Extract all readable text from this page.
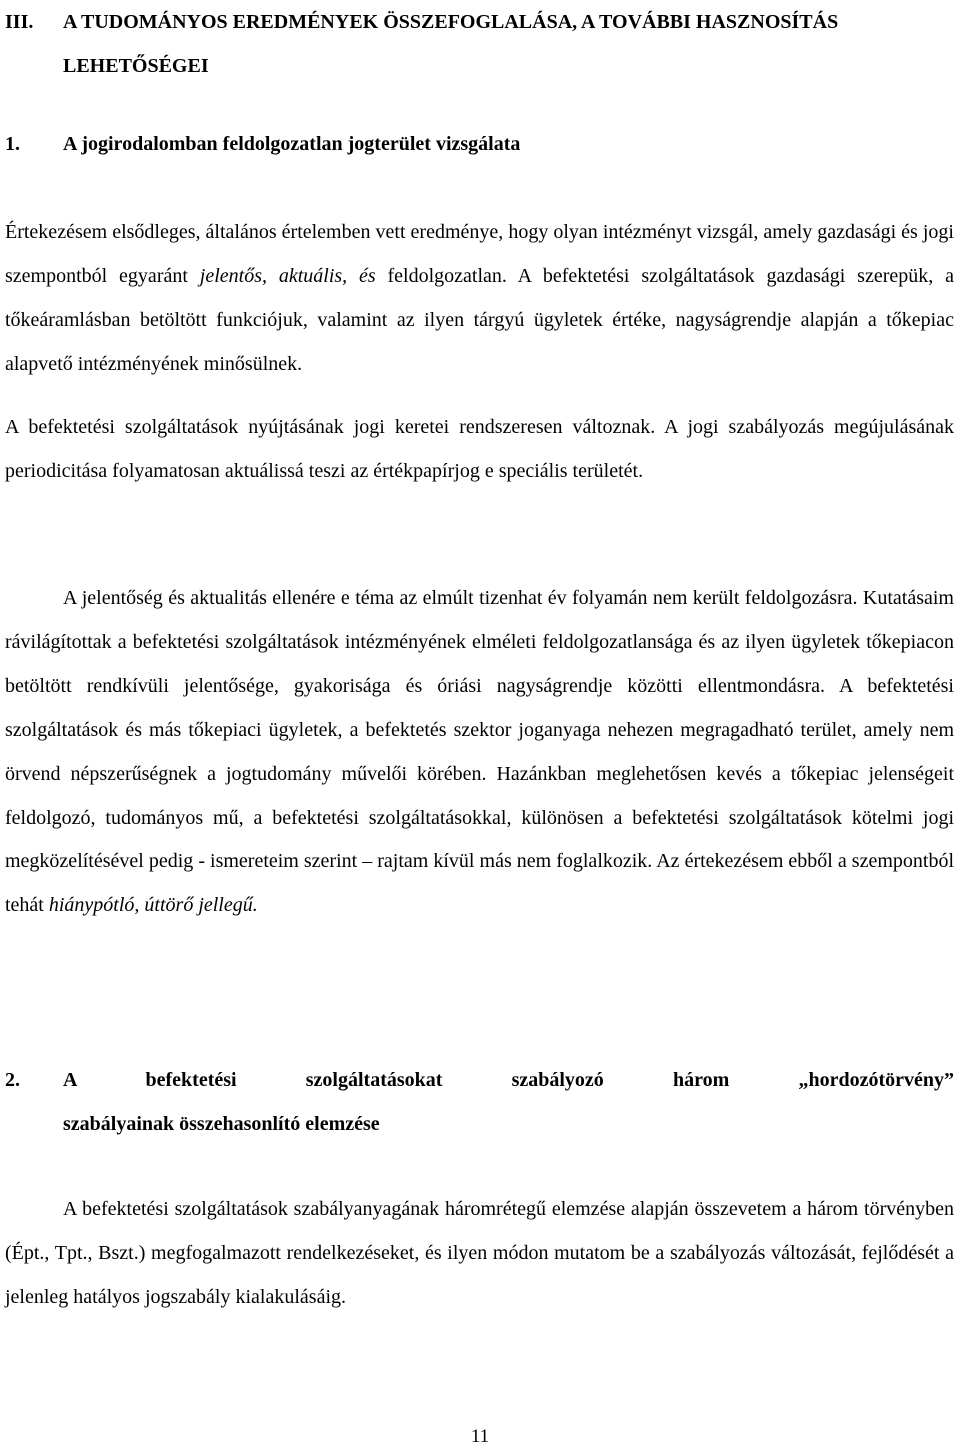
III. A TUDOMÁNYOS EREDMÉNYEK ÖSSZEFOGLALÁSA, A TOVÁBBI HASZNOSÍTÁS LEHETŐSÉGEI
1. A jogirodalomban feldolgozatlan jogterület vizsgálata

Értekezésem elsődleges, általános értelemben vett eredménye, hogy olyan intézményt vizsgál, amely gazdasági és jogi szempontból egyaránt jelentős, aktuális, és feldolgozatlan. A befektetési szolgáltatások gazdasági szerepük, a tőkeáramlásban betöltött funkciójuk, valamint az ilyen tárgyú ügyletek értéke, nagyságrendje alapján a tőkepiac alapvető intézményének minősülnek.

A befektetési szolgáltatások nyújtásának jogi keretei rendszeresen változnak. A jogi szabályozás megújulásának periodicitása folyamatosan aktuálissá teszi az értékpapírjog e speciális területét.

A jelentőség és aktualitás ellenére e téma az elmúlt tizenhat év folyamán nem került feldolgozásra. Kutatásaim rávilágítottak a befektetési szolgáltatások intézményének elméleti feldolgozatlansága és az ilyen ügyletek tőkepiacon betöltött rendkívüli jelentősége, gyakorisága és óriási nagyságrendje közötti ellentmondásra. A befektetési szolgáltatások és más tőkepiaci ügyletek, a befektetés szektor joganyaga nehezen megragadható terület, amely nem örvend népszerűségnek a jogtudomány művelői körében. Hazánkban meglehetősen kevés a tőkepiac jelenségeit feldolgozó, tudományos mű, a befektetési szolgáltatásokkal, különösen a befektetési szolgáltatások kötelmi jogi megközelítésével pedig - ismereteim szerint – rajtam kívül más nem foglalkozik. Az értekezésem ebből a szempontból tehát hiánypótló, úttörő jellegű.

2. A befektetési szolgáltatásokat szabályozó három „hordozótörvény”
szabályainak összehasonlító elemzése

A befektetési szolgáltatások szabályanyagának háromrétegű elemzése alapján összevetem a három törvényben (Épt., Tpt., Bszt.) megfogalmazott rendelkezéseket, és ilyen módon mutatom be a szabályozás változását, fejlődését a jelenleg hatályos jogszabály kialakulásáig.

11
